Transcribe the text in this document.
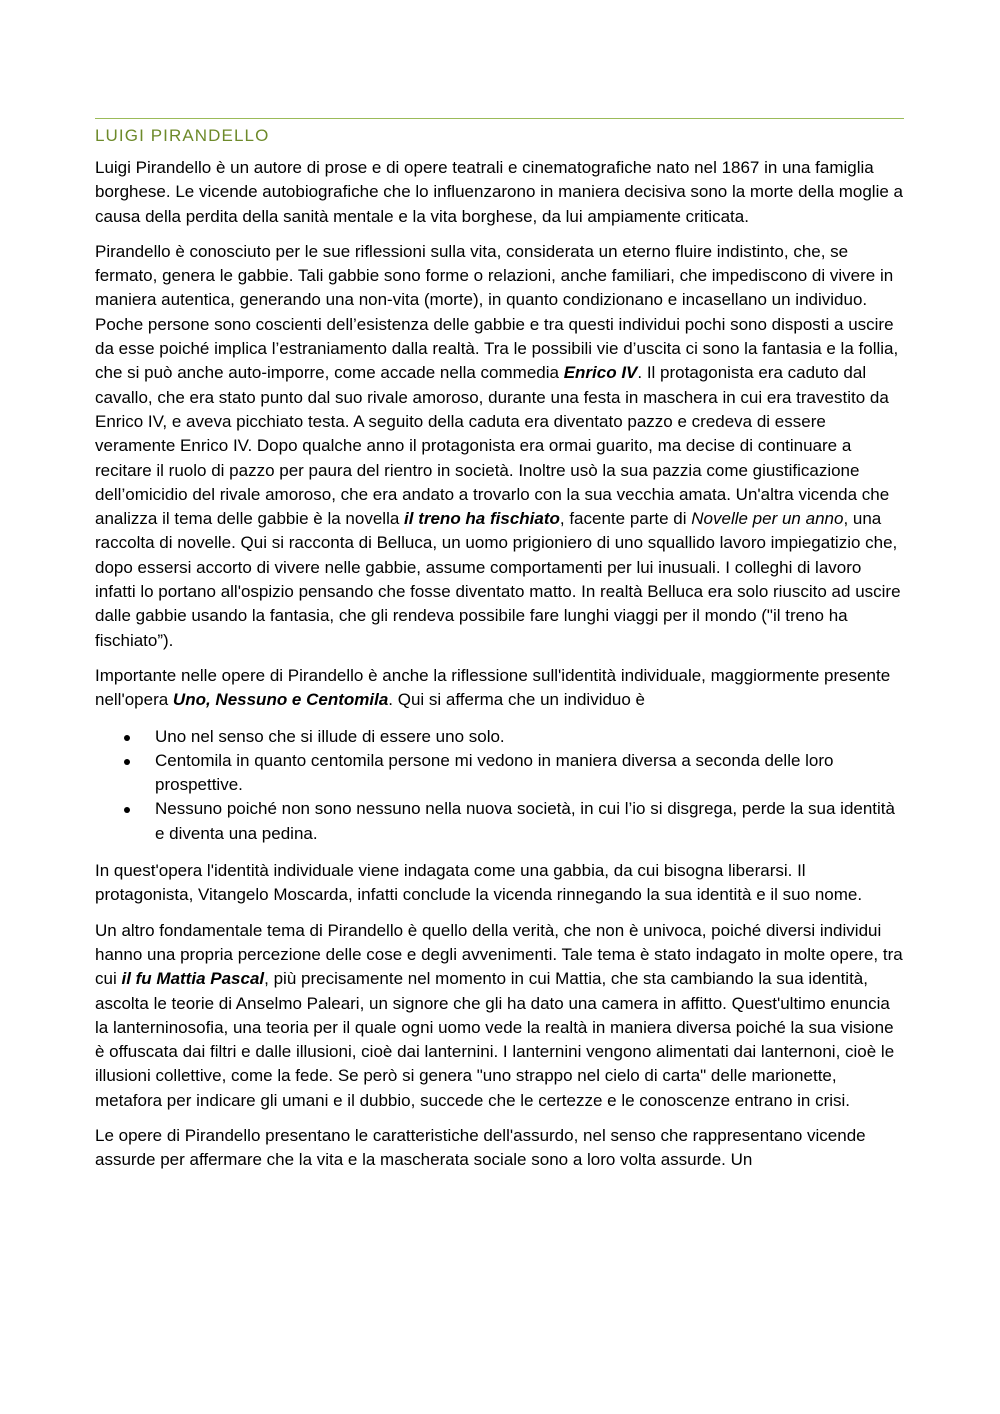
LUIGI PIRANDELLO

Luigi Pirandello è un autore di prose e di opere teatrali e cinematografiche nato nel 1867 in una famiglia borghese. Le vicende autobiografiche che lo influenzarono in maniera decisiva sono la morte della moglie a causa della perdita della sanità mentale e la vita borghese, da lui ampiamente criticata.

Pirandello è conosciuto per le sue riflessioni sulla vita, considerata un eterno fluire indistinto, che, se fermato, genera le gabbie. Tali gabbie sono forme o relazioni, anche familiari, che impediscono di vivere in maniera autentica, generando una non-vita (morte), in quanto condizionano e incasellano un individuo. Poche persone sono coscienti dell’esistenza delle gabbie e tra questi individui pochi sono disposti a uscire da esse poiché implica l’estraniamento dalla realtà. Tra le possibili vie d’uscita ci sono la fantasia e la follia, che si può anche auto-imporre, come accade nella commedia Enrico IV. Il protagonista era caduto dal cavallo, che era stato punto dal suo rivale amoroso, durante una festa in maschera in cui era travestito da Enrico IV, e aveva picchiato testa. A seguito della caduta era diventato pazzo e credeva di essere veramente Enrico IV. Dopo qualche anno il protagonista era ormai guarito, ma decise di continuare a recitare il ruolo di pazzo per paura del rientro in società. Inoltre usò la sua pazzia come giustificazione dell’omicidio del rivale amoroso, che era andato a trovarlo con la sua vecchia amata. Un'altra vicenda che analizza il tema delle gabbie è la novella il treno ha fischiato, facente parte di Novelle per un anno, una raccolta di novelle. Qui si racconta di Belluca, un uomo prigioniero di uno squallido lavoro impiegatizio che, dopo essersi accorto di vivere nelle gabbie, assume comportamenti per lui inusuali. I colleghi di lavoro infatti lo portano all'ospizio pensando che fosse diventato matto. In realtà Belluca era solo riuscito ad uscire dalle gabbie usando la fantasia, che gli rendeva possibile fare lunghi viaggi per il mondo ("il treno ha fischiato”).

Importante nelle opere di Pirandello è anche la riflessione sull'identità individuale, maggiormente presente nell'opera Uno, Nessuno e Centomila. Qui si afferma che un individuo è

Uno nel senso che si illude di essere uno solo.
Centomila in quanto centomila persone mi vedono in maniera diversa a seconda delle loro prospettive.
Nessuno poiché non sono nessuno nella nuova società, in cui l’io si disgrega, perde la sua identità e diventa una pedina.

In quest'opera l'identità individuale viene indagata come una gabbia, da cui bisogna liberarsi. Il protagonista, Vitangelo Moscarda, infatti conclude la vicenda rinnegando la sua identità e il suo nome.

Un altro fondamentale tema di Pirandello è quello della verità, che non è univoca, poiché diversi individui hanno una propria percezione delle cose e degli avvenimenti. Tale tema è stato indagato in molte opere, tra cui il fu Mattia Pascal, più precisamente nel momento in cui Mattia, che sta cambiando la sua identità, ascolta le teorie di Anselmo Paleari, un signore che gli ha dato una camera in affitto. Quest'ultimo enuncia la lanterninosofia, una teoria per il quale ogni uomo vede la realtà in maniera diversa poiché la sua visione è offuscata dai filtri e dalle illusioni, cioè dai lanternini. I lanternini vengono alimentati dai lanternoni, cioè le illusioni collettive, come la fede. Se però si genera "uno strappo nel cielo di carta" delle marionette, metafora per indicare gli umani e il dubbio, succede che le certezze e le conoscenze entrano in crisi.

Le opere di Pirandello presentano le caratteristiche dell'assurdo, nel senso che rappresentano vicende assurde per affermare che la vita e la mascherata sociale sono a loro volta assurde. Un
